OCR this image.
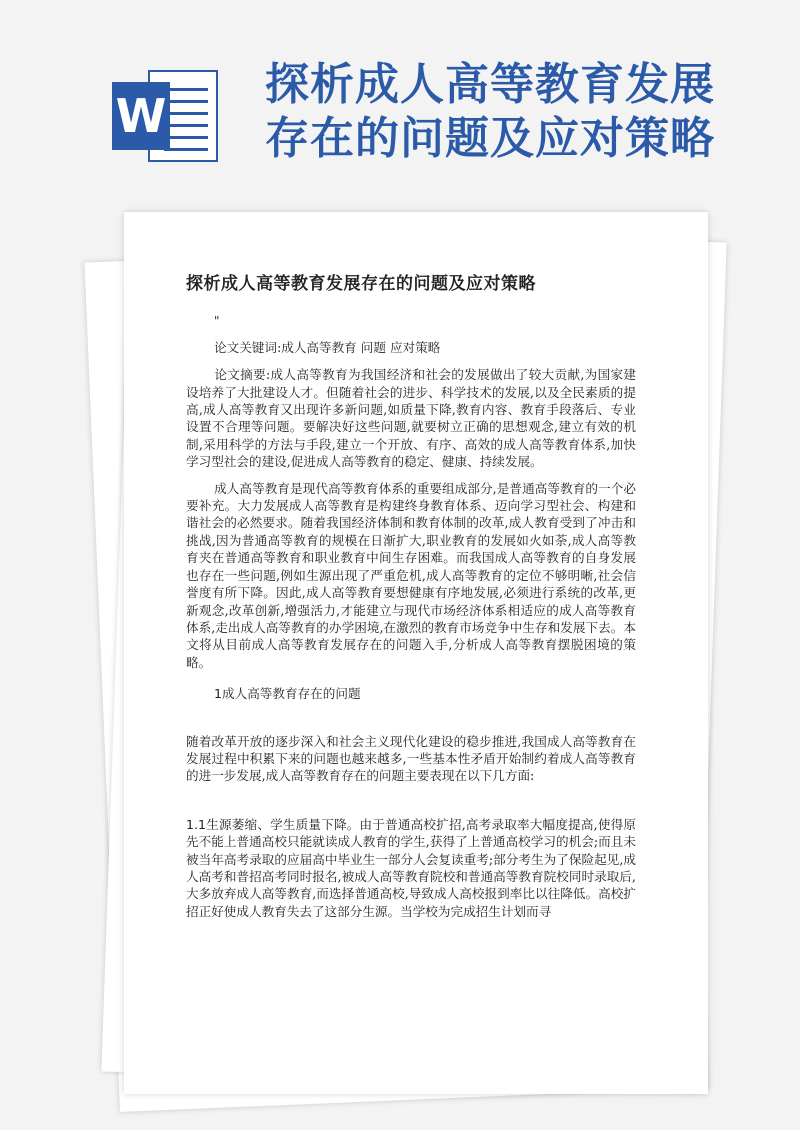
W
探析成人高等教育发展
存在的问题及应对策略
探析成人高等教育发展存在的问题及应对策略
"
论文关键词:成人高等教育 问题 应对策略

论文摘要:成人高等教育为我国经济和社会的发展做出了较大贡献,为国家建设培养了大批建设人才。但随着社会的进步、科学技术的发展,以及全民素质的提高,成人高等教育又出现许多新问题,如质量下降,教育内容、教育手段落后、专业设置不合理等问题。要解决好这些问题,就要树立正确的思想观念,建立有效的机制,采用科学的方法与手段,建立一个开放、有序、高效的成人高等教育体系,加快学习型社会的建设,促进成人高等教育的稳定、健康、持续发展。

成人高等教育是现代高等教育体系的重要组成部分,是普通高等教育的一个必要补充。大力发展成人高等教育是构建终身教育体系、迈向学习型社会、构建和谐社会的必然要求。随着我国经济体制和教育体制的改革,成人教育受到了冲击和挑战,因为普通高等教育的规模在日渐扩大,职业教育的发展如火如荼,成人高等教育夹在普通高等教育和职业教育中间生存困难。而我国成人高等教育的自身发展也存在一些问题,例如生源出现了严重危机,成人高等教育的定位不够明晰,社会信誉度有所下降。因此,成人高等教育要想健康有序地发展,必须进行系统的改革,更新观念,改革创新,增强活力,才能建立与现代市场经济体系相适应的成人高等教育体系,走出成人高等教育的办学困境,在激烈的教育市场竞争中生存和发展下去。本文将从目前成人高等教育发展存在的问题入手,分析成人高等教育摆脱困境的策略。

1成人高等教育存在的问题

随着改革开放的逐步深入和社会主义现代化建设的稳步推进,我国成人高等教育在发展过程中积累下来的问题也越来越多,一些基本性矛盾开始制约着成人高等教育的进一步发展,成人高等教育存在的问题主要表现在以下几方面:

1.1生源萎缩、学生质量下降。由于普通高校扩招,高考录取率大幅度提高,使得原先不能上普通高校只能就读成人教育的学生,获得了上普通高校学习的机会;而且未被当年高考录取的应届高中毕业生一部分人会复读重考;部分考生为了保险起见,成人高考和普招高考同时报名,被成人高等教育院校和普通高等教育院校同时录取后,大多放弃成人高等教育,而选择普通高校,导致成人高校报到率比以往降低。高校扩招正好使成人教育失去了这部分生源。当学校为完成招生计划而寻
